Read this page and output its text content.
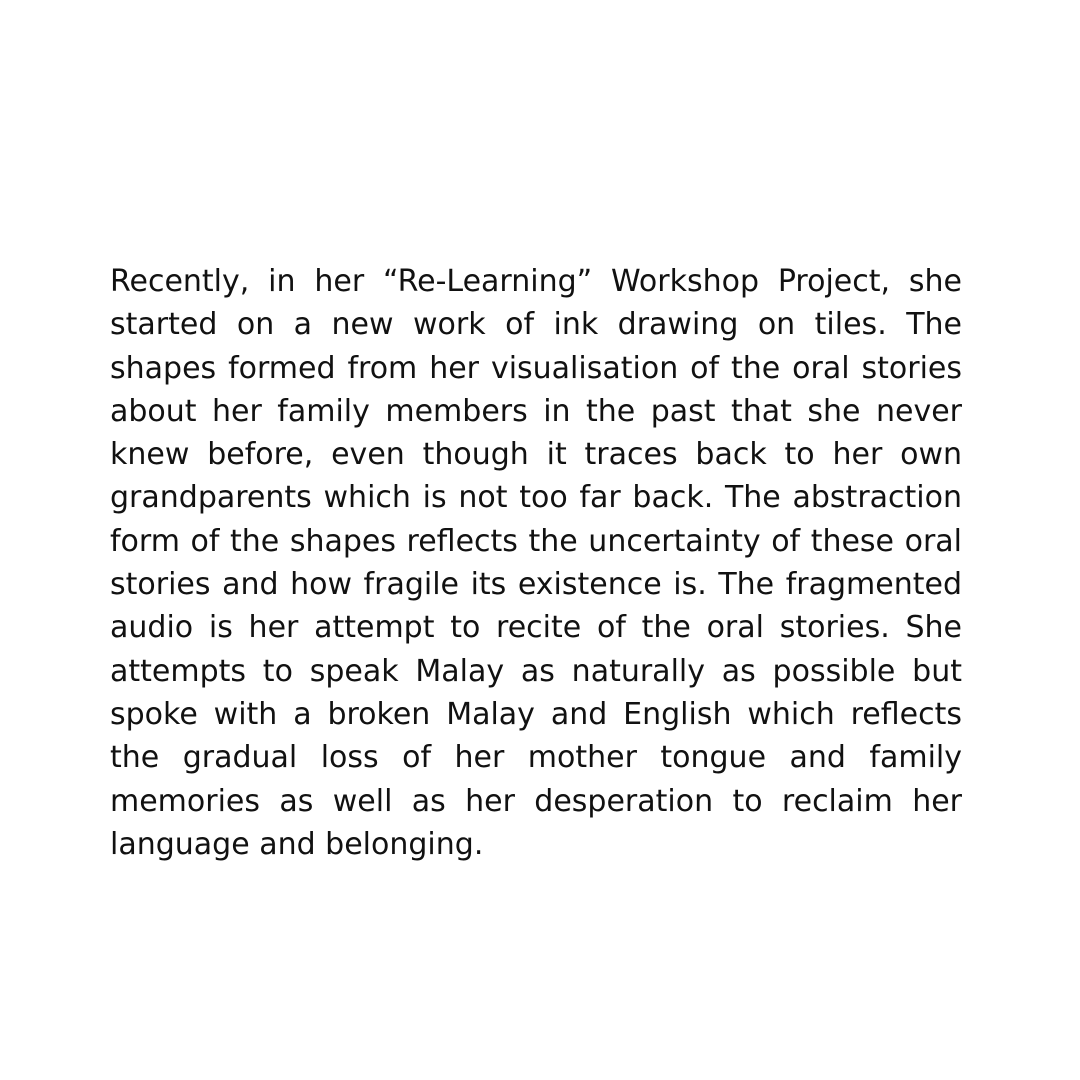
Recently, in her “Re-Learning” Workshop Project, she started on a new work of ink drawing on tiles. The shapes formed from her visualisation of the oral stories about her family members in the past that she never knew before, even though it traces back to her own grandparents which is not too far back. The abstraction form of the shapes reflects the uncertainty of these oral stories and how fragile its existence is. The fragmented audio is her attempt to recite of the oral stories. She attempts to speak Malay as naturally as possible but spoke with a broken Malay and English which reflects the gradual loss of her mother tongue and family memories as well as her desperation to reclaim her language and belonging.
